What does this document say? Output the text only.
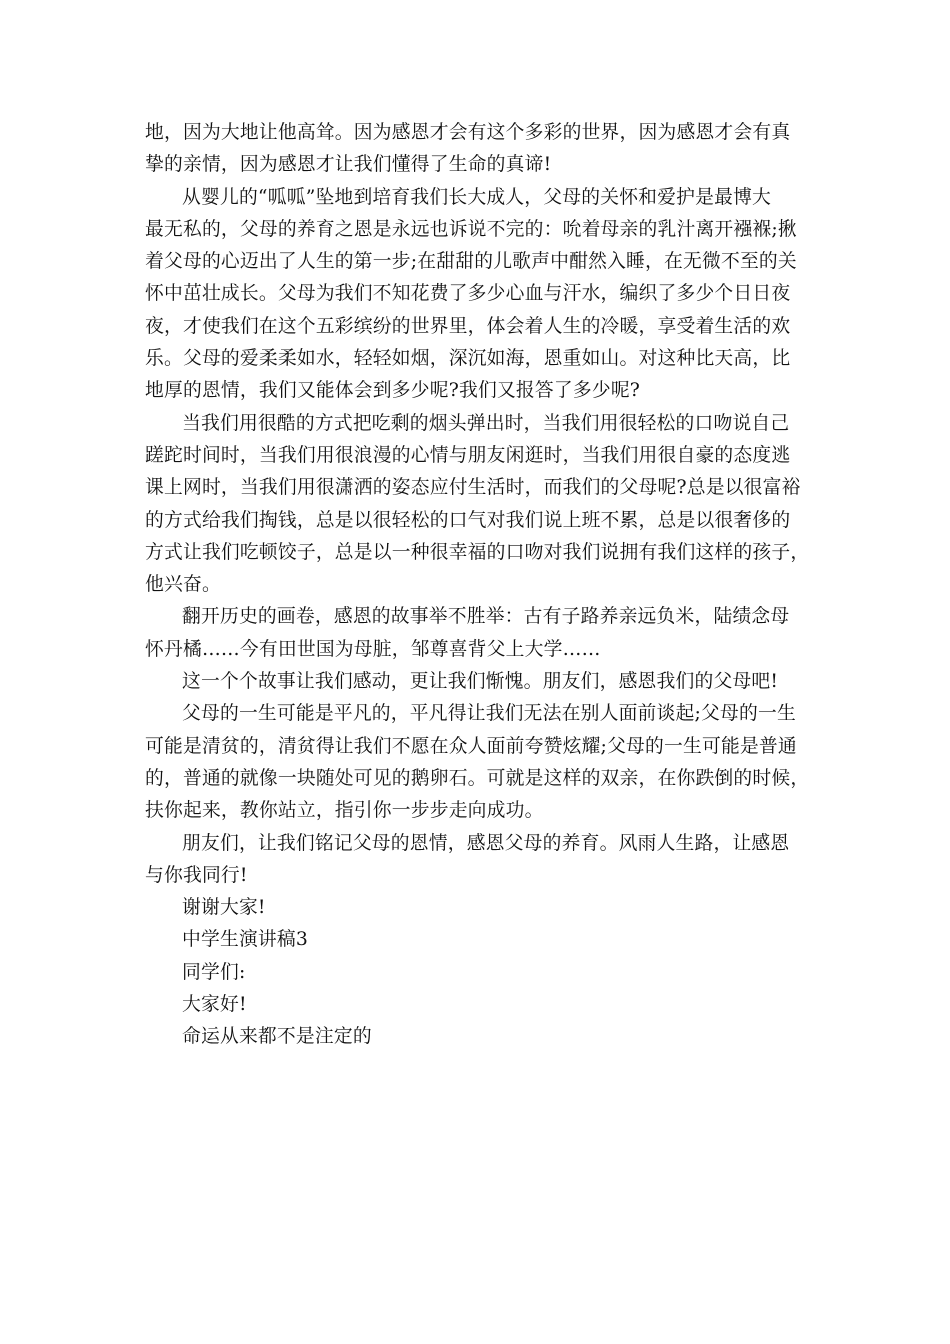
地，因为大地让他高耸。因为感恩才会有这个多彩的世界，因为感恩才会有真
挚的亲情，因为感恩才让我们懂得了生命的真谛!
从婴儿的“呱呱”坠地到培育我们长大成人，父母的关怀和爱护是最博大
最无私的，父母的养育之恩是永远也诉说不完的：吮着母亲的乳汁离开襁褓;揪
着父母的心迈出了人生的第一步;在甜甜的儿歌声中酣然入睡，在无微不至的关
怀中茁壮成长。父母为我们不知花费了多少心血与汗水，编织了多少个日日夜
夜，才使我们在这个五彩缤纷的世界里，体会着人生的冷暖，享受着生活的欢
乐。父母的爱柔柔如水，轻轻如烟，深沉如海，恩重如山。对这种比天高，比
地厚的恩情，我们又能体会到多少呢?我们又报答了多少呢?
当我们用很酷的方式把吃剩的烟头弹出时，当我们用很轻松的口吻说自己
蹉跎时间时，当我们用很浪漫的心情与朋友闲逛时，当我们用很自豪的态度逃
课上网时，当我们用很潇洒的姿态应付生活时，而我们的父母呢?总是以很富裕
的方式给我们掏钱，总是以很轻松的口气对我们说上班不累，总是以很奢侈的
方式让我们吃顿饺子，总是以一种很幸福的口吻对我们说拥有我们这样的孩子，
他兴奋。
翻开历史的画卷，感恩的故事举不胜举：古有子路养亲远负米，陆绩念母
怀丹橘……今有田世国为母脏，邹尊喜背父上大学……
这一个个故事让我们感动，更让我们惭愧。朋友们，感恩我们的父母吧!
父母的一生可能是平凡的，平凡得让我们无法在别人面前谈起;父母的一生
可能是清贫的，清贫得让我们不愿在众人面前夸赞炫耀;父母的一生可能是普通
的，普通的就像一块随处可见的鹅卵石。可就是这样的双亲，在你跌倒的时候，
扶你起来，教你站立，指引你一步步走向成功。
朋友们，让我们铭记父母的恩情，感恩父母的养育。风雨人生路，让感恩
与你我同行!
谢谢大家!
中学生演讲稿3
同学们:
大家好!
命运从来都不是注定的
